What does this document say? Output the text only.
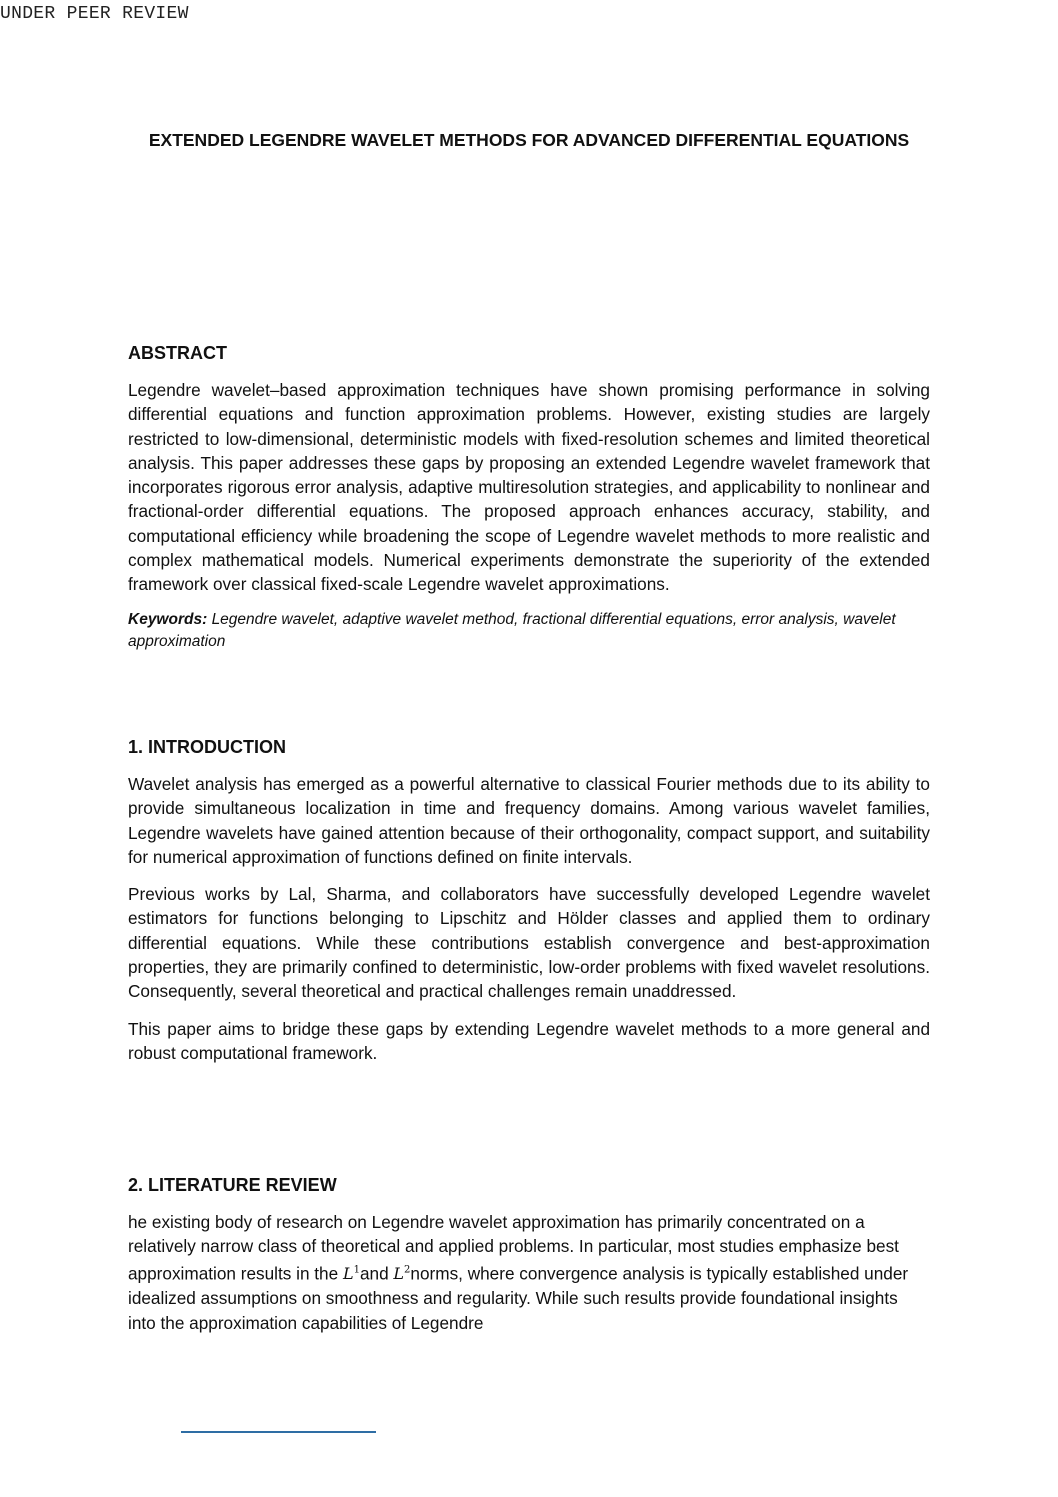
UNDER PEER REVIEW
EXTENDED LEGENDRE WAVELET METHODS FOR ADVANCED DIFFERENTIAL EQUATIONS
ABSTRACT

Legendre wavelet–based approximation techniques have shown promising performance in solving differential equations and function approximation problems. However, existing studies are largely restricted to low-dimensional, deterministic models with fixed-resolution schemes and limited theoretical analysis. This paper addresses these gaps by proposing an extended Legendre wavelet framework that incorporates rigorous error analysis, adaptive multiresolution strategies, and applicability to nonlinear and fractional-order differential equations. The proposed approach enhances accuracy, stability, and computational efficiency while broadening the scope of Legendre wavelet methods to more realistic and complex mathematical models. Numerical experiments demonstrate the superiority of the extended framework over classical fixed-scale Legendre wavelet approximations.

Keywords: Legendre wavelet, adaptive wavelet method, fractional differential equations, error analysis, wavelet approximation

1. INTRODUCTION

Wavelet analysis has emerged as a powerful alternative to classical Fourier methods due to its ability to provide simultaneous localization in time and frequency domains. Among various wavelet families, Legendre wavelets have gained attention because of their orthogonality, compact support, and suitability for numerical approximation of functions defined on finite intervals.

Previous works by Lal, Sharma, and collaborators have successfully developed Legendre wavelet estimators for functions belonging to Lipschitz and Hölder classes and applied them to ordinary differential equations. While these contributions establish convergence and best-approximation properties, they are primarily confined to deterministic, low-order problems with fixed wavelet resolutions. Consequently, several theoretical and practical challenges remain unaddressed.

This paper aims to bridge these gaps by extending Legendre wavelet methods to a more general and robust computational framework.

2. LITERATURE REVIEW

he existing body of research on Legendre wavelet approximation has primarily concentrated on a relatively narrow class of theoretical and applied problems. In particular, most studies emphasize best approximation results in the $L^1and$ $L^2norms$, where convergence analysis is typically established under idealized assumptions on smoothness and regularity. While such results provide foundational insights into the approximation capabilities of Legendre
